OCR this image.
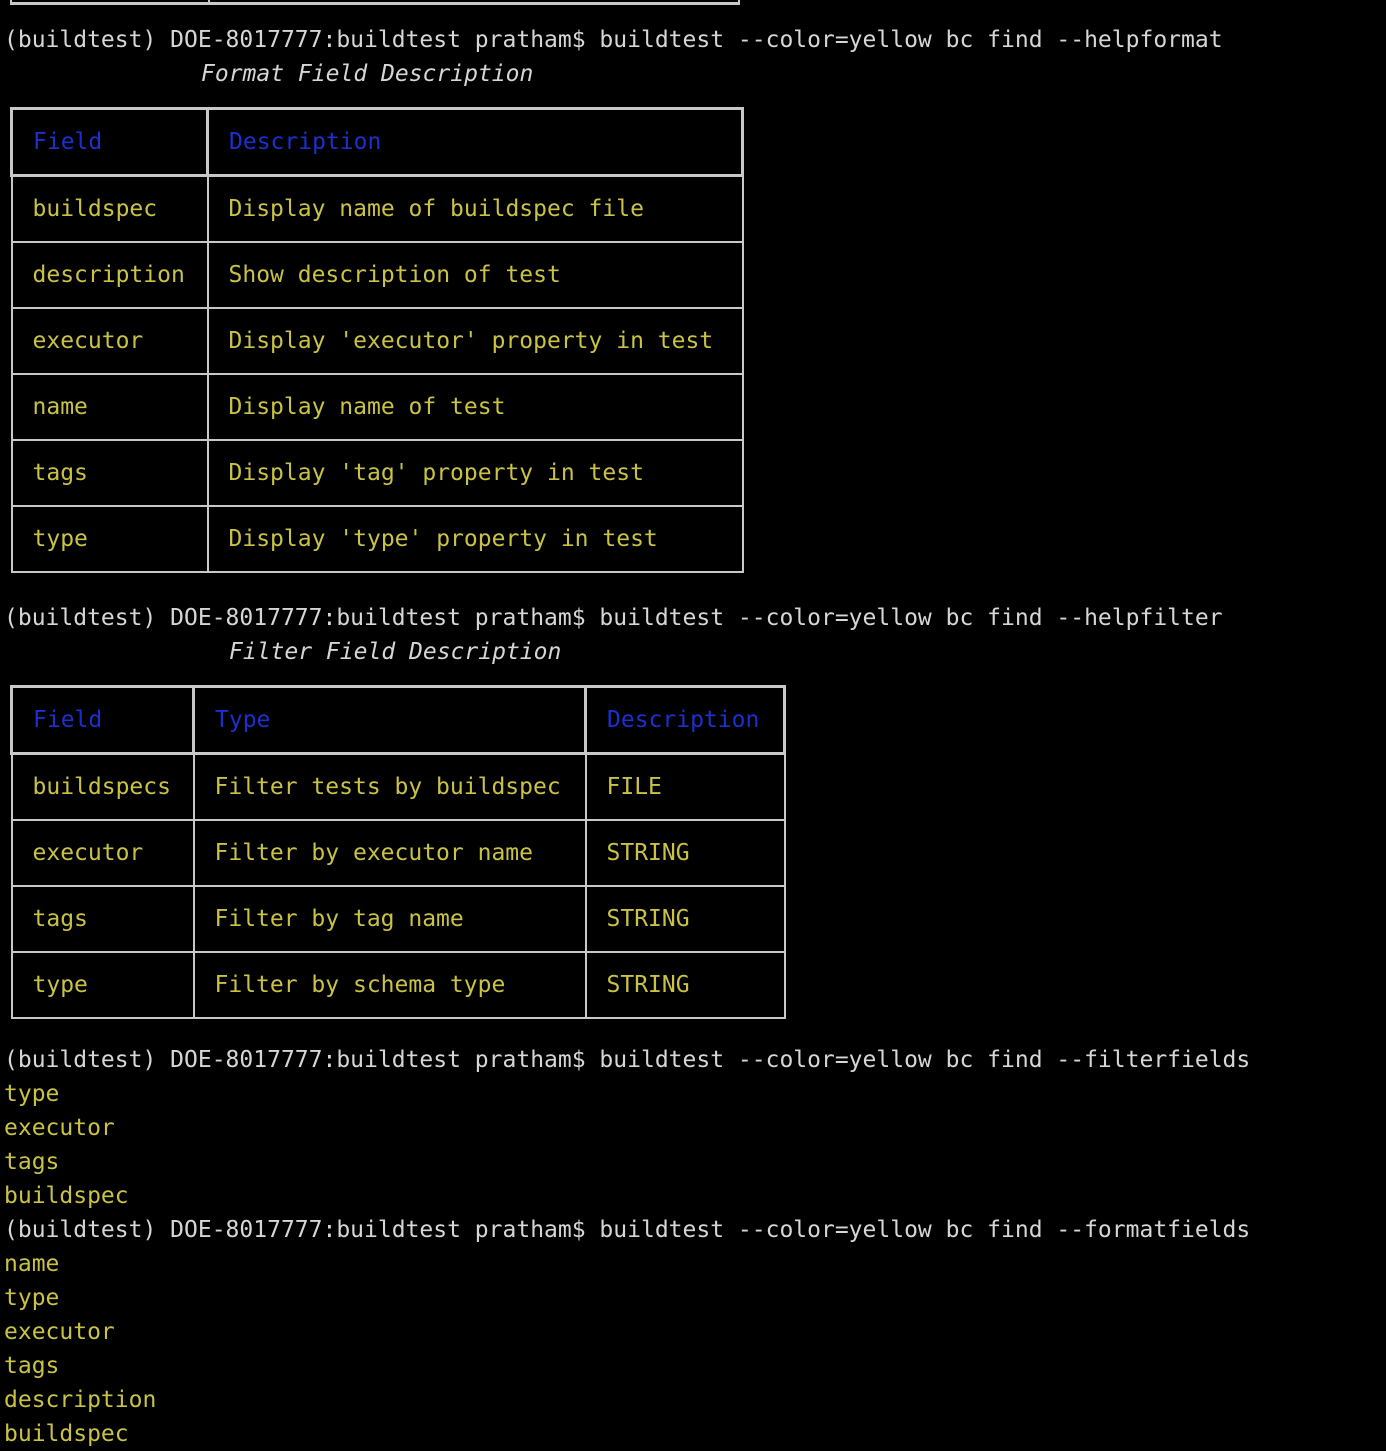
(buildtest) DOE-8017777:buildtest pratham$ buildtest --color=yellow bc find --helpformat
Format Field Description
Field	Description
buildspec	Display name of buildspec file
description	Show description of test
executor	Display 'executor' property in test
name	Display name of test
tags	Display 'tag' property in test
type	Display 'type' property in test
(buildtest) DOE-8017777:buildtest pratham$ buildtest --color=yellow bc find --helpfilter
Filter Field Description
Field	Type	Description
buildspecs	Filter tests by buildspec	FILE
executor	Filter by executor name	STRING
tags	Filter by tag name	STRING
type	Filter by schema type	STRING
(buildtest) DOE-8017777:buildtest pratham$ buildtest --color=yellow bc find --filterfields
type
executor
tags
buildspec
(buildtest) DOE-8017777:buildtest pratham$ buildtest --color=yellow bc find --formatfields
name
type
executor
tags
description
buildspec
